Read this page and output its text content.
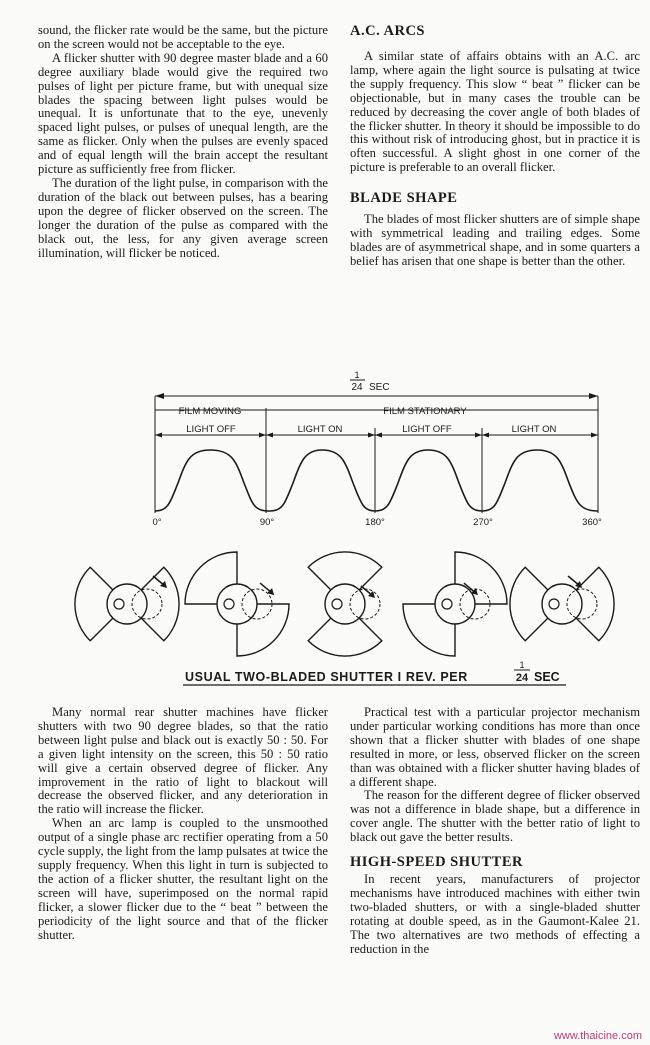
sound, the flicker rate would be the same, but the picture on the screen would not be acceptable to the eye.

A flicker shutter with 90 degree master blade and a 60 degree auxiliary blade would give the required two pulses of light per picture frame, but with unequal size blades the spacing between light pulses would be unequal. It is unfortunate that to the eye, unevenly spaced light pulses, or pulses of unequal length, are the same as flicker. Only when the pulses are evenly spaced and of equal length will the brain accept the resultant picture as sufficiently free from flicker.

The duration of the light pulse, in comparison with the duration of the black out between pulses, has a bearing upon the degree of flicker observed on the screen. The longer the duration of the pulse as compared with the black out, the less, for any given average screen illumination, will flicker be noticed.

A.C. ARCS

A similar state of affairs obtains with an A.C. arc lamp, where again the light source is pulsating at twice the supply frequency. This slow “ beat ” flicker can be objectionable, but in many cases the trouble can be reduced by decreasing the cover angle of both blades of the flicker shutter. In theory it should be impossible to do this without risk of introducing ghost, but in practice it is often successful. A slight ghost in one corner of the picture is preferable to an overall flicker.

BLADE SHAPE

The blades of most flicker shutters are of simple shape with symmetrical leading and trailing edges. Some blades are of asymmetrical shape, and in some quarters a belief has arisen that one shape is better than the other.

1
24 SEC
FILM MOVING	FILM STATIONARY
LIGHT OFF	LIGHT ON	LIGHT OFF	LIGHT ON
0°	90°	180°	270°	360°
USUAL TWO-BLADED SHUTTER I REV. PER
1
24 SEC

Many normal rear shutter machines have flicker shutters with two 90 degree blades, so that the ratio between light pulse and black out is exactly 50 : 50. For a given light intensity on the screen, this 50 : 50 ratio will give a certain observed degree of flicker. Any improvement in the ratio of light to blackout will decrease the observed flicker, and any deterioration in the ratio will increase the flicker.

When an arc lamp is coupled to the unsmoothed output of a single phase arc rectifier operating from a 50 cycle supply, the light from the lamp pulsates at twice the supply frequency. When this light in turn is subjected to the action of a flicker shutter, the resultant light on the screen will have, superimposed on the normal rapid flicker, a slower flicker due to the “ beat ” between the periodicity of the light source and that of the flicker shutter.

Practical test with a particular projector mechanism under particular working conditions has more than once shown that a flicker shutter with blades of one shape resulted in more, or less, observed flicker on the screen than was obtained with a flicker shutter having blades of a different shape.

The reason for the different degree of flicker observed was not a difference in blade shape, but a difference in cover angle. The shutter with the better ratio of light to black out gave the better results.

HIGH-SPEED SHUTTER

In recent years, manufacturers of projector mechanisms have introduced machines with either twin two-bladed shutters, or with a single-bladed shutter rotating at double speed, as in the Gaumont-Kalee 21. The two alternatives are two methods of effecting a reduction in the

www.thaicine.com
